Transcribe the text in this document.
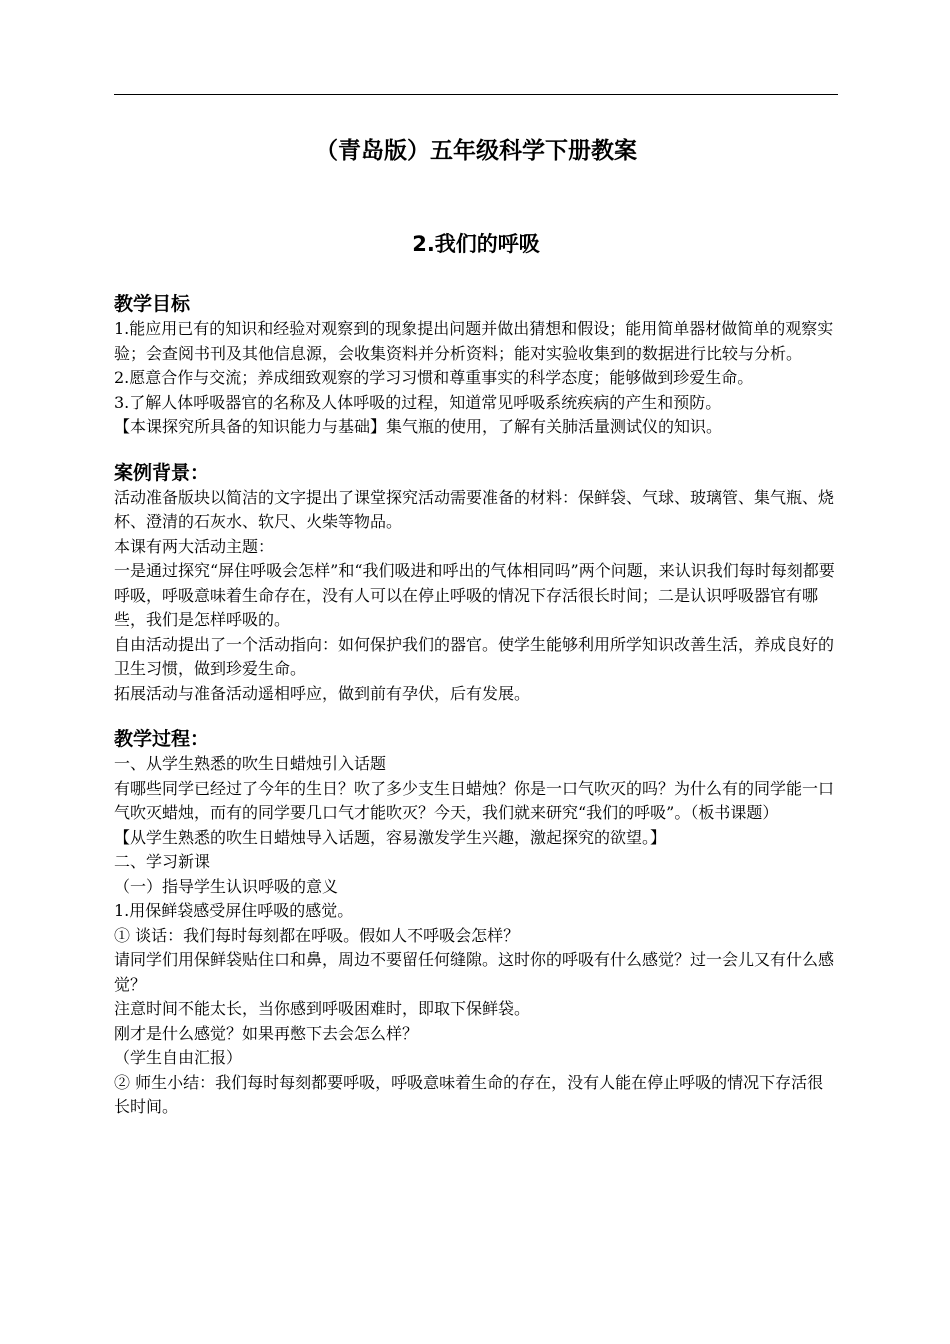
（青岛版）五年级科学下册教案
2.我们的呼吸
教学目标

1.能应用已有的知识和经验对观察到的现象提出问题并做出猜想和假设；能用简单器材做简单的观察实验；会查阅书刊及其他信息源，会收集资料并分析资料；能对实验收集到的数据进行比较与分析。

2.愿意合作与交流；养成细致观察的学习习惯和尊重事实的科学态度；能够做到珍爱生命。

3.了解人体呼吸器官的名称及人体呼吸的过程，知道常见呼吸系统疾病的产生和预防。

【本课探究所具备的知识能力与基础】集气瓶的使用，了解有关肺活量测试仪的知识。

案例背景：

活动准备版块以简洁的文字提出了课堂探究活动需要准备的材料：保鲜袋、气球、玻璃管、集气瓶、烧杯、澄清的石灰水、软尺、火柴等物品。

本课有两大活动主题：

一是通过探究“屏住呼吸会怎样”和“我们吸进和呼出的气体相同吗”两个问题，来认识我们每时每刻都要呼吸，呼吸意味着生命存在，没有人可以在停止呼吸的情况下存活很长时间；二是认识呼吸器官有哪些，我们是怎样呼吸的。

自由活动提出了一个活动指向：如何保护我们的器官。使学生能够利用所学知识改善生活，养成良好的卫生习惯，做到珍爱生命。

拓展活动与准备活动遥相呼应，做到前有孕伏，后有发展。

教学过程：

一、从学生熟悉的吹生日蜡烛引入话题

有哪些同学已经过了今年的生日？吹了多少支生日蜡烛？你是一口气吹灭的吗？为什么有的同学能一口气吹灭蜡烛，而有的同学要几口气才能吹灭？今天，我们就来研究“我们的呼吸”。（板书课题）

【从学生熟悉的吹生日蜡烛导入话题，容易激发学生兴趣，激起探究的欲望。】

二、学习新课

（一）指导学生认识呼吸的意义

1.用保鲜袋感受屏住呼吸的感觉。

① 谈话：我们每时每刻都在呼吸。假如人不呼吸会怎样？

请同学们用保鲜袋贴住口和鼻，周边不要留任何缝隙。这时你的呼吸有什么感觉？过一会儿又有什么感觉？

注意时间不能太长，当你感到呼吸困难时，即取下保鲜袋。

刚才是什么感觉？如果再憋下去会怎么样？

（学生自由汇报）

② 师生小结：我们每时每刻都要呼吸，呼吸意味着生命的存在，没有人能在停止呼吸的情况下存活很长时间。
